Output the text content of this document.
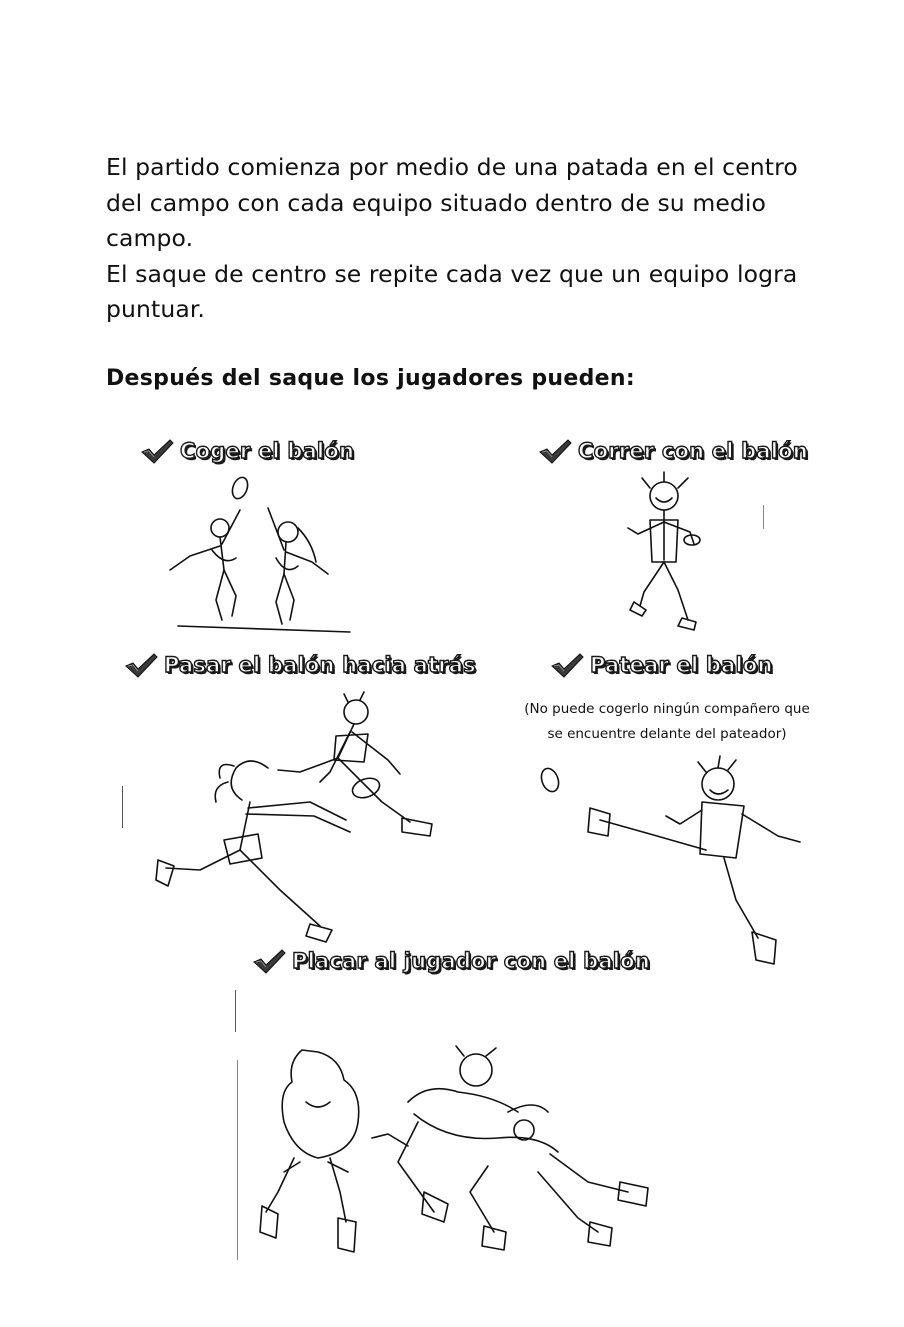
El partido comienza por medio de una patada en el centro

del campo con cada equipo situado dentro de su medio

campo.

El saque de centro se repite cada vez que un equipo logra

puntuar.

Después del saque los jugadores pueden:
Coger el balón	Correr con el balón
Pasar el balón hacia atrás	Patear el balón
(No puede cogerlo ningún compañero que
se encuentre delante del pateador)
Placar al jugador con el balón
